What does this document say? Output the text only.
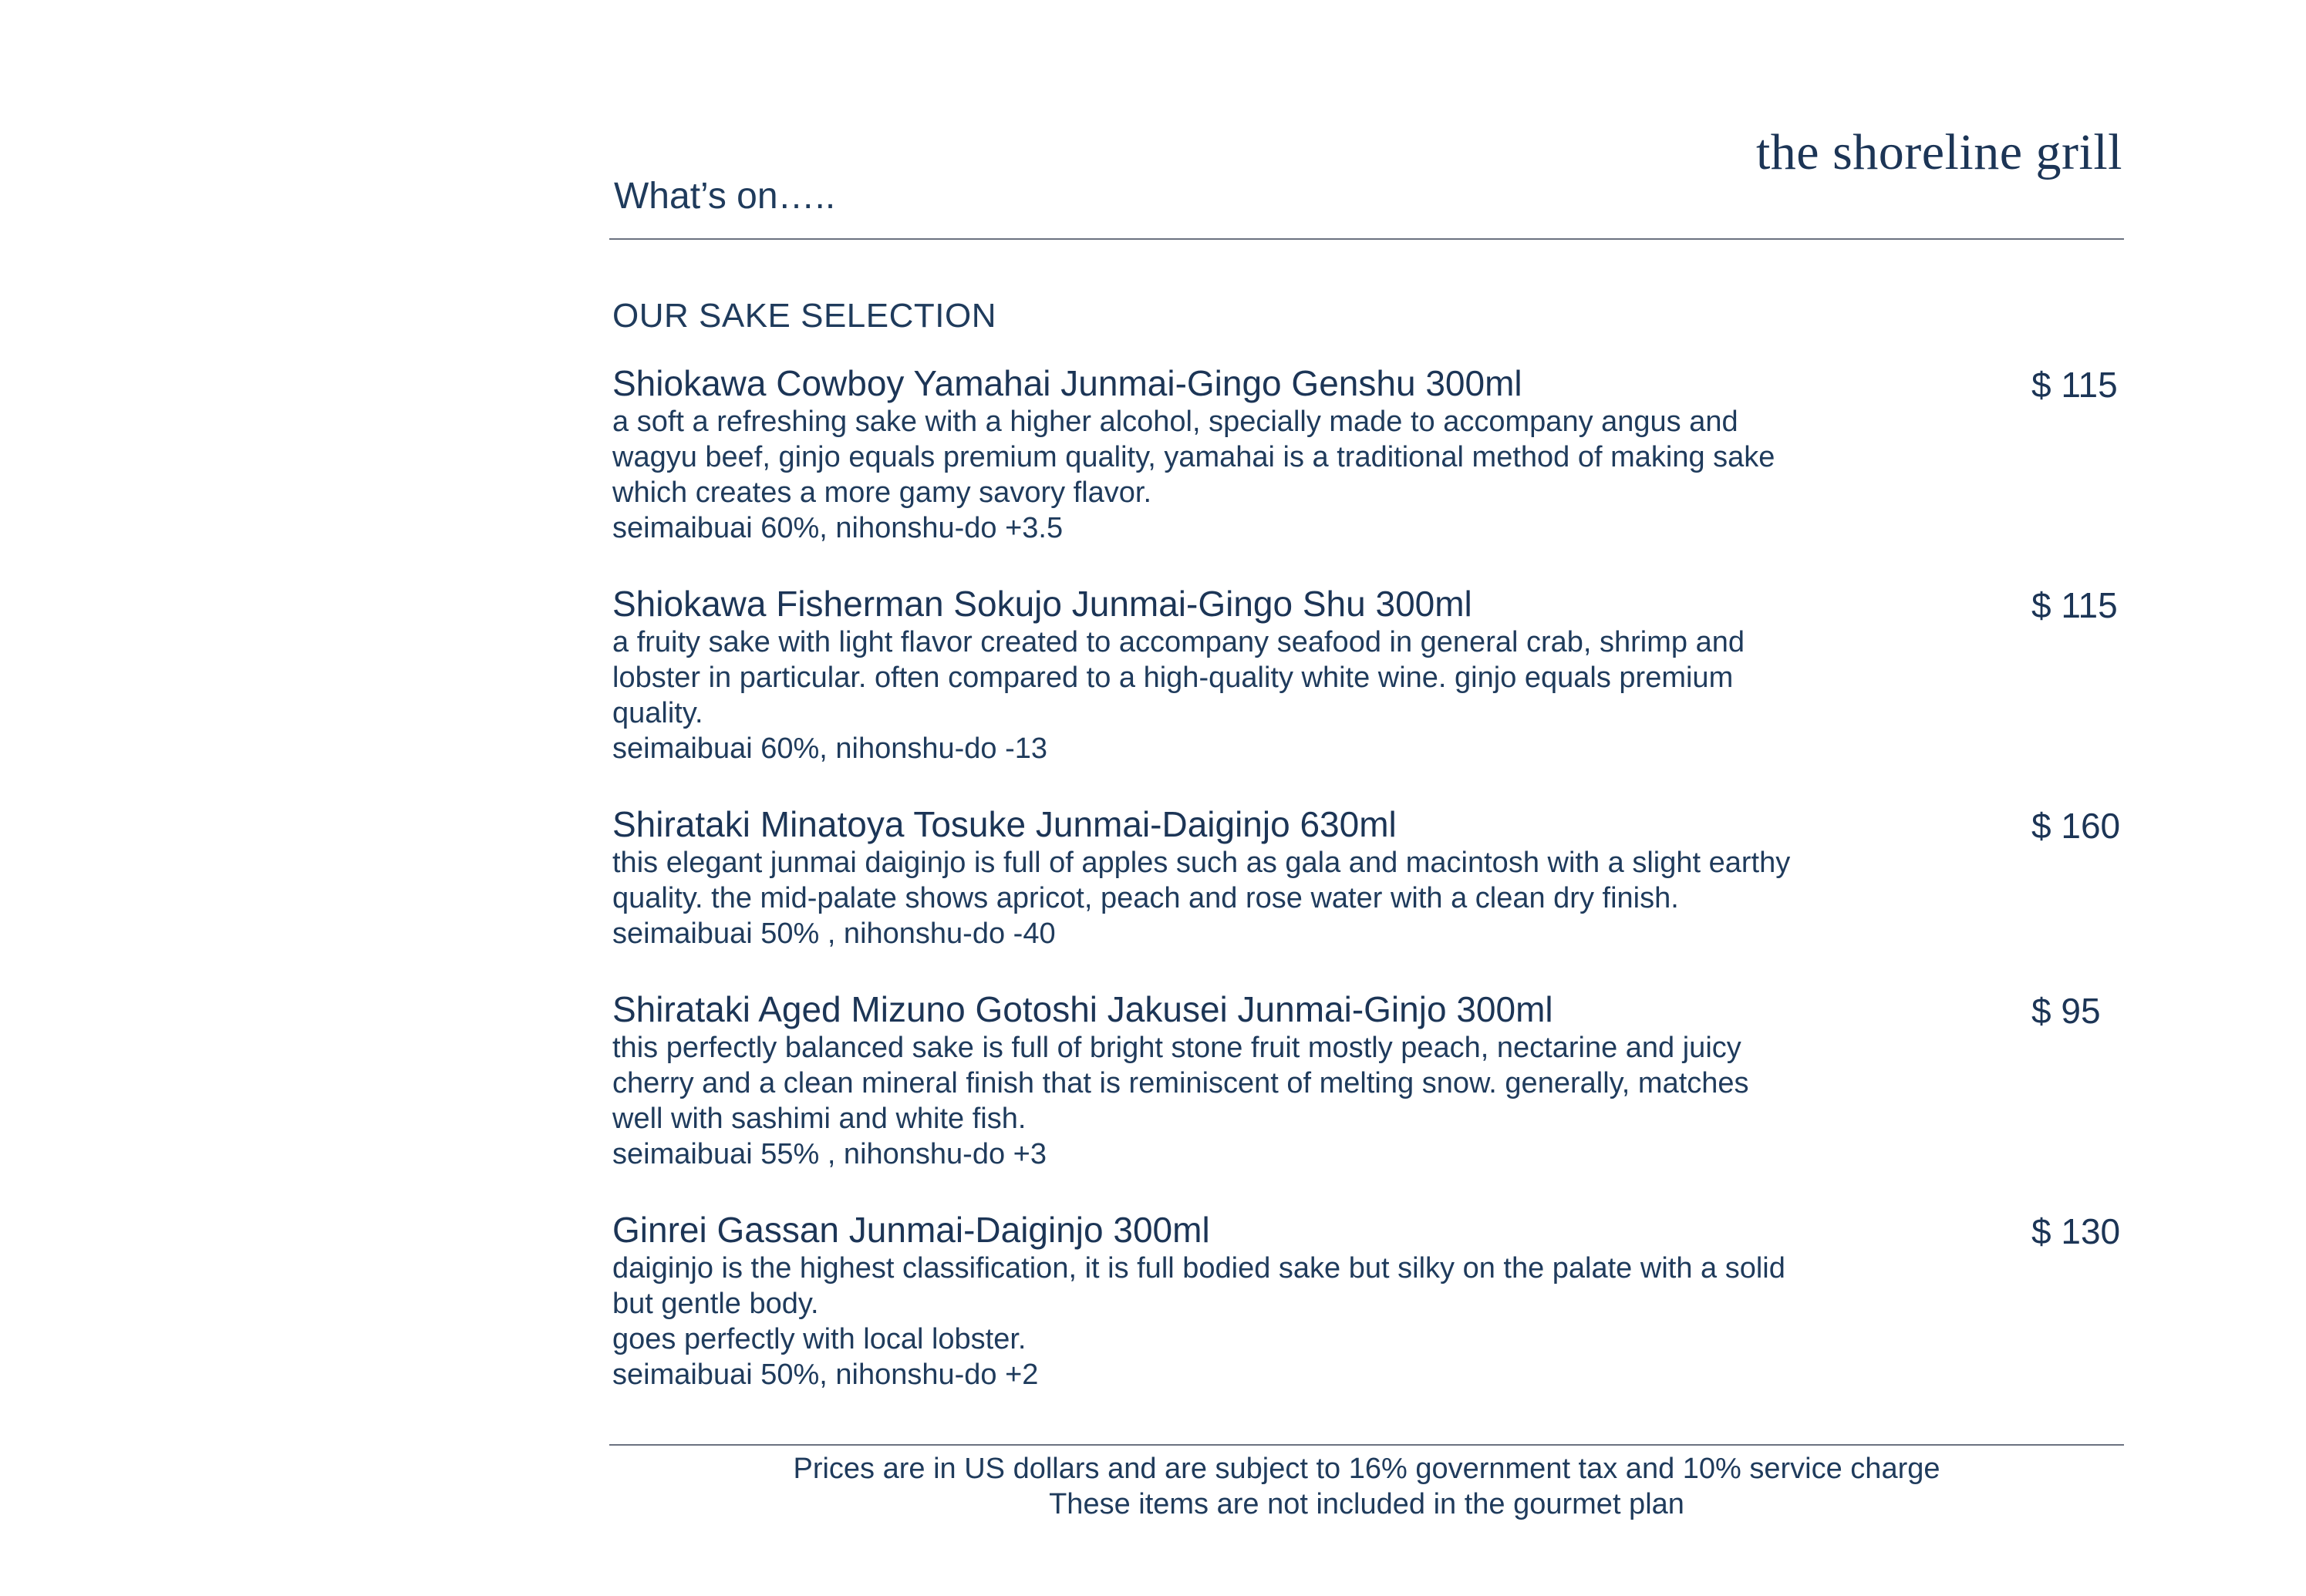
the shoreline grill
What’s on…..
OUR SAKE SELECTION
Shiokawa Cowboy Yamahai Junmai-Gingo Genshu 300ml	$ 115
a soft a refreshing sake with a higher alcohol, specially made to accompany angus and
wagyu beef, ginjo equals premium quality, yamahai is a traditional method of making sake
which creates a more gamy savory flavor.
seimaibuai 60%, nihonshu-do +3.5
Shiokawa Fisherman Sokujo Junmai-Gingo Shu 300ml	$ 115
a fruity sake with light flavor created to accompany seafood in general crab, shrimp and
lobster in particular. often compared to a high-quality white wine. ginjo equals premium
quality.
seimaibuai 60%, nihonshu-do -13
Shirataki Minatoya Tosuke Junmai-Daiginjo 630ml	$ 160
this elegant junmai daiginjo is full of apples such as gala and macintosh with a slight earthy
quality. the mid-palate shows apricot, peach and rose water with a clean dry finish.
seimaibuai 50% , nihonshu-do -40
Shirataki Aged Mizuno Gotoshi Jakusei Junmai-Ginjo 300ml	$ 95
this perfectly balanced sake is full of bright stone fruit mostly peach, nectarine and juicy
cherry and a clean mineral finish that is reminiscent of melting snow. generally, matches
well with sashimi and white fish.
seimaibuai 55% , nihonshu-do +3
Ginrei Gassan Junmai-Daiginjo 300ml	$ 130
daiginjo is the highest classification, it is full bodied sake but silky on the palate with a solid
but gentle body.
goes perfectly with local lobster.
seimaibuai 50%, nihonshu-do +2
Prices are in US dollars and are subject to 16% government tax and 10% service charge
These items are not included in the gourmet plan
